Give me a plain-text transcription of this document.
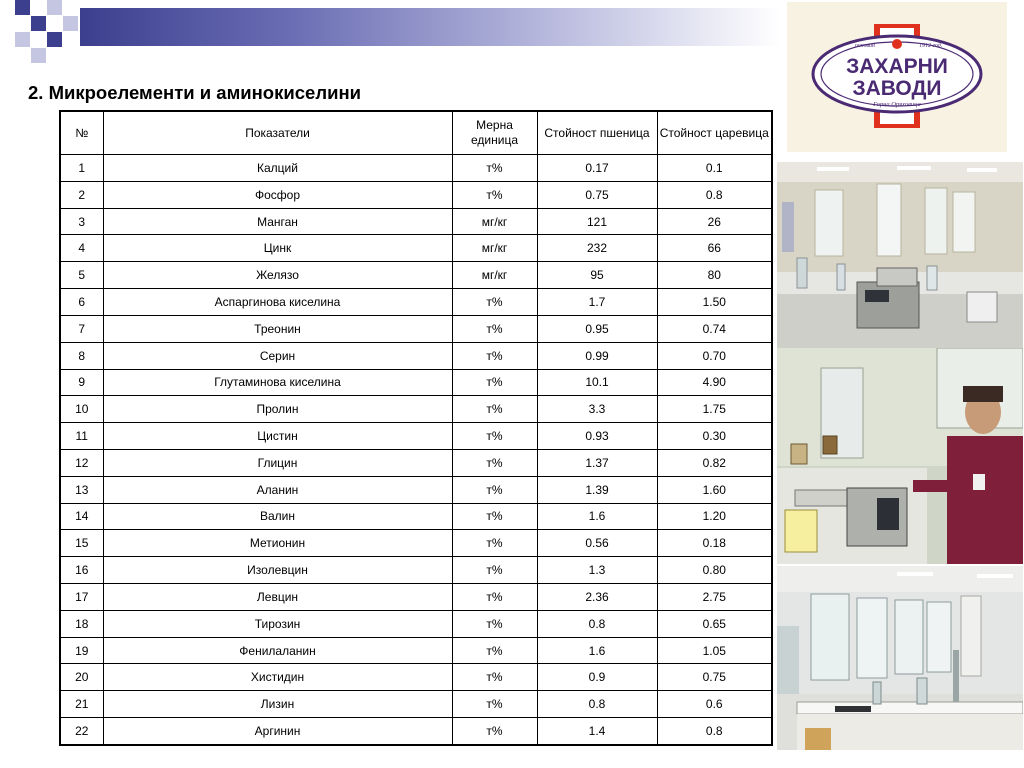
основан	1912 год.
ЗАХАРНИ
ЗАВОДИ
Горна Оряховица
2. Микроелементи и аминокиселини
№	Показатели	Мерна единица	Стойност пшеница	Стойност царевица
1	Калций	т%	0.17	0.1
2	Фосфор	т%	0.75	0.8
3	Манган	мг/кг	121	26
4	Цинк	мг/кг	232	66
5	Желязо	мг/кг	95	80
6	Аспаргинова киселина	т%	1.7	1.50
7	Треонин	т%	0.95	0.74
8	Серин	т%	0.99	0.70
9	Глутаминова киселина	т%	10.1	4.90
10	Пролин	т%	3.3	1.75
11	Цистин	т%	0.93	0.30
12	Глицин	т%	1.37	0.82
13	Аланин	т%	1.39	1.60
14	Валин	т%	1.6	1.20
15	Метионин	т%	0.56	0.18
16	Изолевцин	т%	1.3	0.80
17	Левцин	т%	2.36	2.75
18	Тирозин	т%	0.8	0.65
19	Фенилаланин	т%	1.6	1.05
20	Хистидин	т%	0.9	0.75
21	Лизин	т%	0.8	0.6
22	Аргинин	т%	1.4	0.8
